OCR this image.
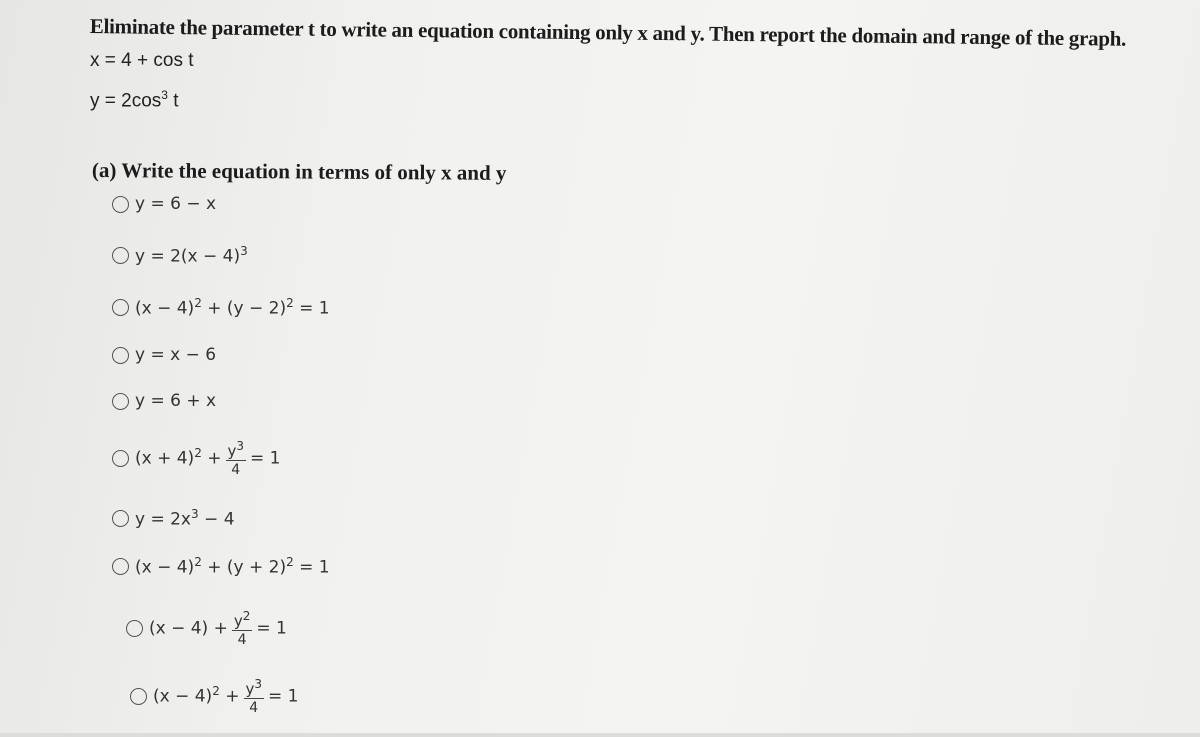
Eliminate the parameter t to write an equation containing only x and y. Then report the domain and range of the graph.
x = 4 + cos t
$y = 2\cos^3$ t
(a) Write the equation in terms of only x and y
y = 6 − x
$y = 2(x - 4)^3$
$(x - 4)^2 + (y - 2)^2 = 1$
y = x − 6
y = 6 + x
$(x + 4)^2 + \frac{y^3}{4} = 1$
$y = 2x^3 - 4$
$(x - 4)^2 + (y + 2)^2 = 1$
$(x - 4) + \frac{y^2}{4} = 1$
$(x - 4)^2 + \frac{y^3}{4} = 1$
